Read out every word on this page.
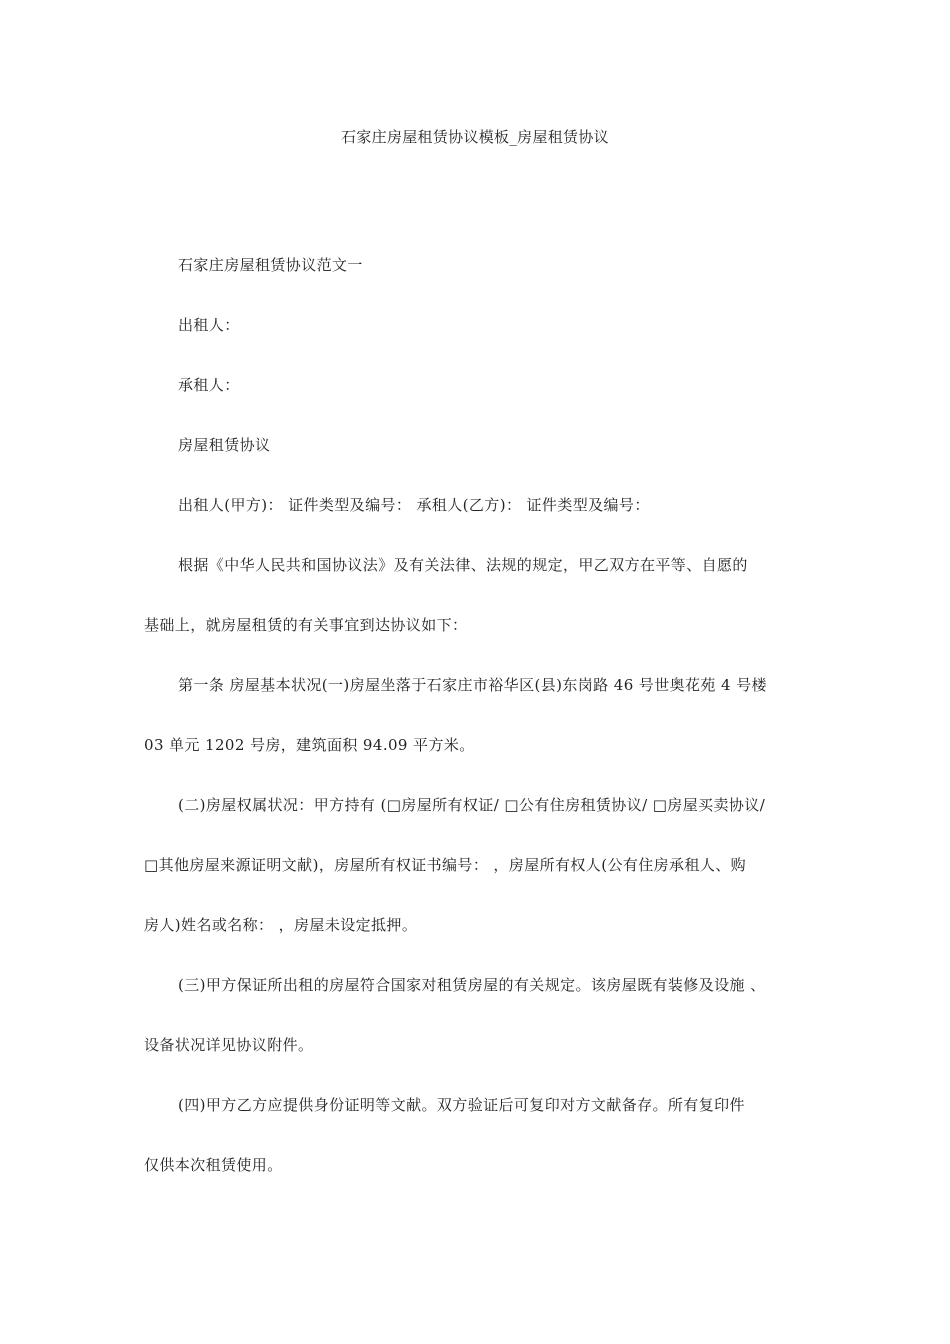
石家庄房屋租赁协议模板_房屋租赁协议
石家庄房屋租赁协议范文一
出租人：
承租人：
房屋租赁协议
出租人(甲方)： 证件类型及编号： 承租人(乙方)： 证件类型及编号：
根据《中华人民共和国协议法》及有关法律、法规的规定，甲乙双方在平等、自愿的
基础上，就房屋租赁的有关事宜到达协议如下：
第一条 房屋基本状况(一)房屋坐落于石家庄市裕华区(县)东岗路 46 号世奥花苑 4 号楼
03 单元 1202 号房，建筑面积 94.09 平方米。
(二)房屋权属状况：甲方持有 (□房屋所有权证/ □公有住房租赁协议/ □房屋买卖协议/
□其他房屋来源证明文献)，房屋所有权证书编号： ，房屋所有权人(公有住房承租人、购
房人)姓名或名称： ，房屋未设定抵押。
(三)甲方保证所出租的房屋符合国家对租赁房屋的有关规定。该房屋既有装修及设施 、
设备状况详见协议附件。
(四)甲方乙方应提供身份证明等文献。双方验证后可复印对方文献备存。所有复印件
仅供本次租赁使用。
